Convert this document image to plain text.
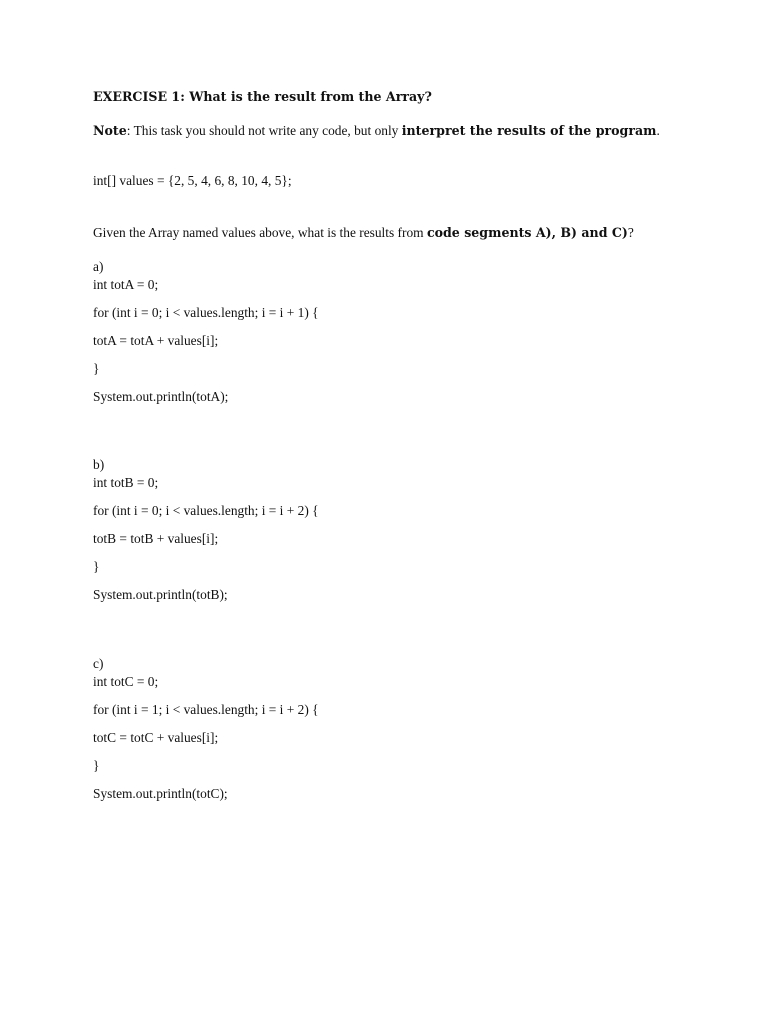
EXERCISE 1: What is the result from the Array?
Note: This task you should not write any code, but only interpret the results of the program.
int[] values = {2, 5, 4, 6, 8, 10, 4, 5};
Given the Array named values above, what is the results from code segments A), B) and C)?
a)
int totA = 0;
for (int i = 0; i < values.length; i = i + 1) {
totA = totA + values[i];
}
System.out.println(totA);
b)
int totB = 0;
for (int i = 0; i < values.length; i = i + 2) {
totB = totB + values[i];
}
System.out.println(totB);
c)
int totC = 0;
for (int i = 1; i < values.length; i = i + 2) {
totC = totC + values[i];
}
System.out.println(totC);
